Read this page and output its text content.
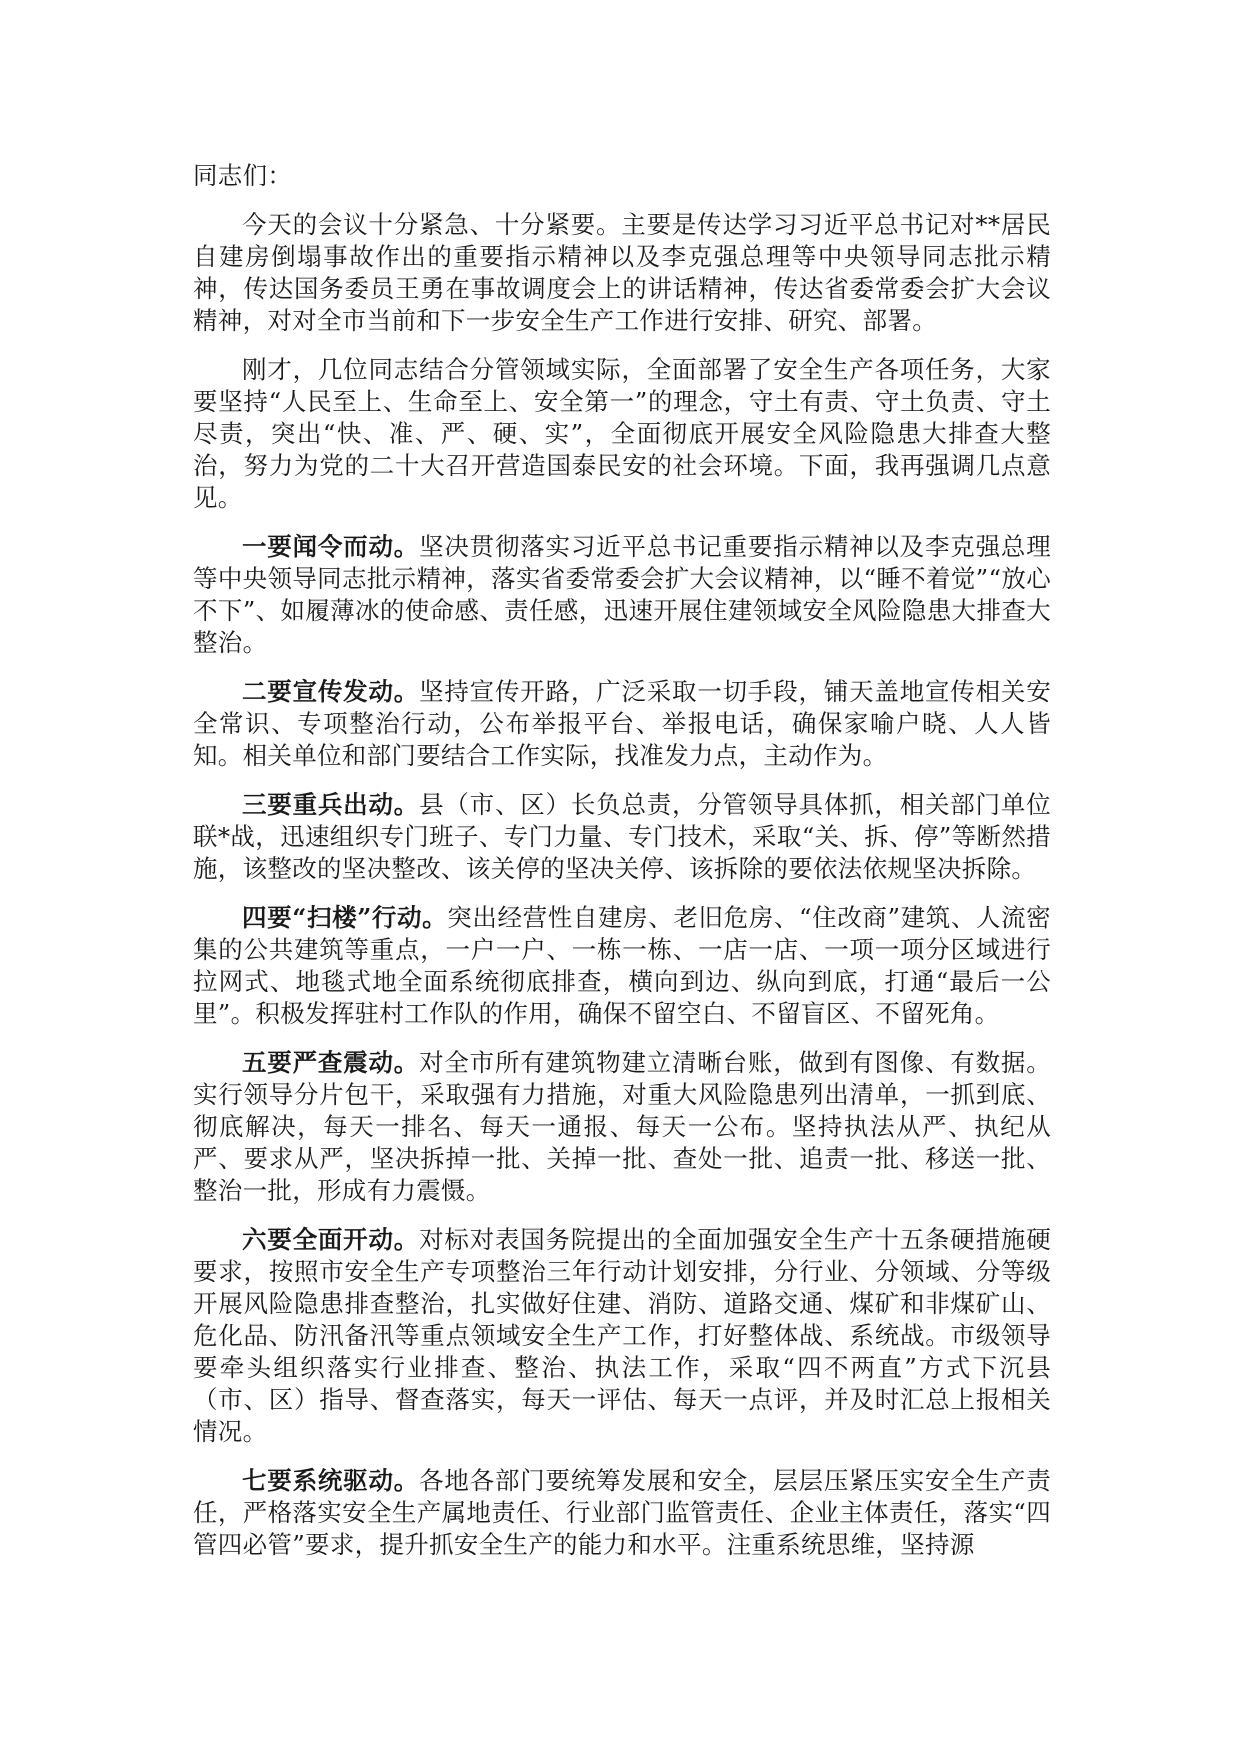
同志们：

今天的会议十分紧急、十分紧要。主要是传达学习习近平总书记对**居民自建房倒塌事故作出的重要指示精神以及李克强总理等中央领导同志批示精神，传达国务委员王勇在事故调度会上的讲话精神，传达省委常委会扩大会议精神，对对全市当前和下一步安全生产工作进行安排、研究、部署。

刚才，几位同志结合分管领域实际，全面部署了安全生产各项任务，大家要坚持“人民至上、生命至上、安全第一”的理念，守土有责、守土负责、守土尽责，突出“快、准、严、硬、实”，全面彻底开展安全风险隐患大排查大整治，努力为党的二十大召开营造国泰民安的社会环境。下面，我再强调几点意见。

一要闻令而动。坚决贯彻落实习近平总书记重要指示精神以及李克强总理等中央领导同志批示精神，落实省委常委会扩大会议精神，以“睡不着觉”“放心不下”、如履薄冰的使命感、责任感，迅速开展住建领域安全风险隐患大排查大整治。

二要宣传发动。坚持宣传开路，广泛采取一切手段，铺天盖地宣传相关安全常识、专项整治行动，公布举报平台、举报电话，确保家喻户晓、人人皆知。相关单位和部门要结合工作实际，找准发力点，主动作为。

三要重兵出动。县（市、区）长负总责，分管领导具体抓，相关部门单位联*战，迅速组织专门班子、专门力量、专门技术，采取“关、拆、停”等断然措施，该整改的坚决整改、该关停的坚决关停、该拆除的要依法依规坚决拆除。

四要“扫楼”行动。突出经营性自建房、老旧危房、“住改商”建筑、人流密集的公共建筑等重点，一户一户、一栋一栋、一店一店、一项一项分区域进行拉网式、地毯式地全面系统彻底排查，横向到边、纵向到底，打通“最后一公里”。积极发挥驻村工作队的作用，确保不留空白、不留盲区、不留死角。

五要严查震动。对全市所有建筑物建立清晰台账，做到有图像、有数据。实行领导分片包干，采取强有力措施，对重大风险隐患列出清单，一抓到底、彻底解决，每天一排名、每天一通报、每天一公布。坚持执法从严、执纪从严、要求从严，坚决拆掉一批、关掉一批、查处一批、追责一批、移送一批、整治一批，形成有力震慑。

六要全面开动。对标对表国务院提出的全面加强安全生产十五条硬措施硬要求，按照市安全生产专项整治三年行动计划安排，分行业、分领域、分等级开展风险隐患排查整治，扎实做好住建、消防、道路交通、煤矿和非煤矿山、危化品、防汛备汛等重点领域安全生产工作，打好整体战、系统战。市级领导要牵头组织落实行业排查、整治、执法工作，采取“四不两直”方式下沉县（市、区）指导、督查落实，每天一评估、每天一点评，并及时汇总上报相关情况。

七要系统驱动。各地各部门要统筹发展和安全，层层压紧压实安全生产责任，严格落实安全生产属地责任、行业部门监管责任、企业主体责任，落实“四管四必管”要求，提升抓安全生产的能力和水平。注重系统思维，坚持源
